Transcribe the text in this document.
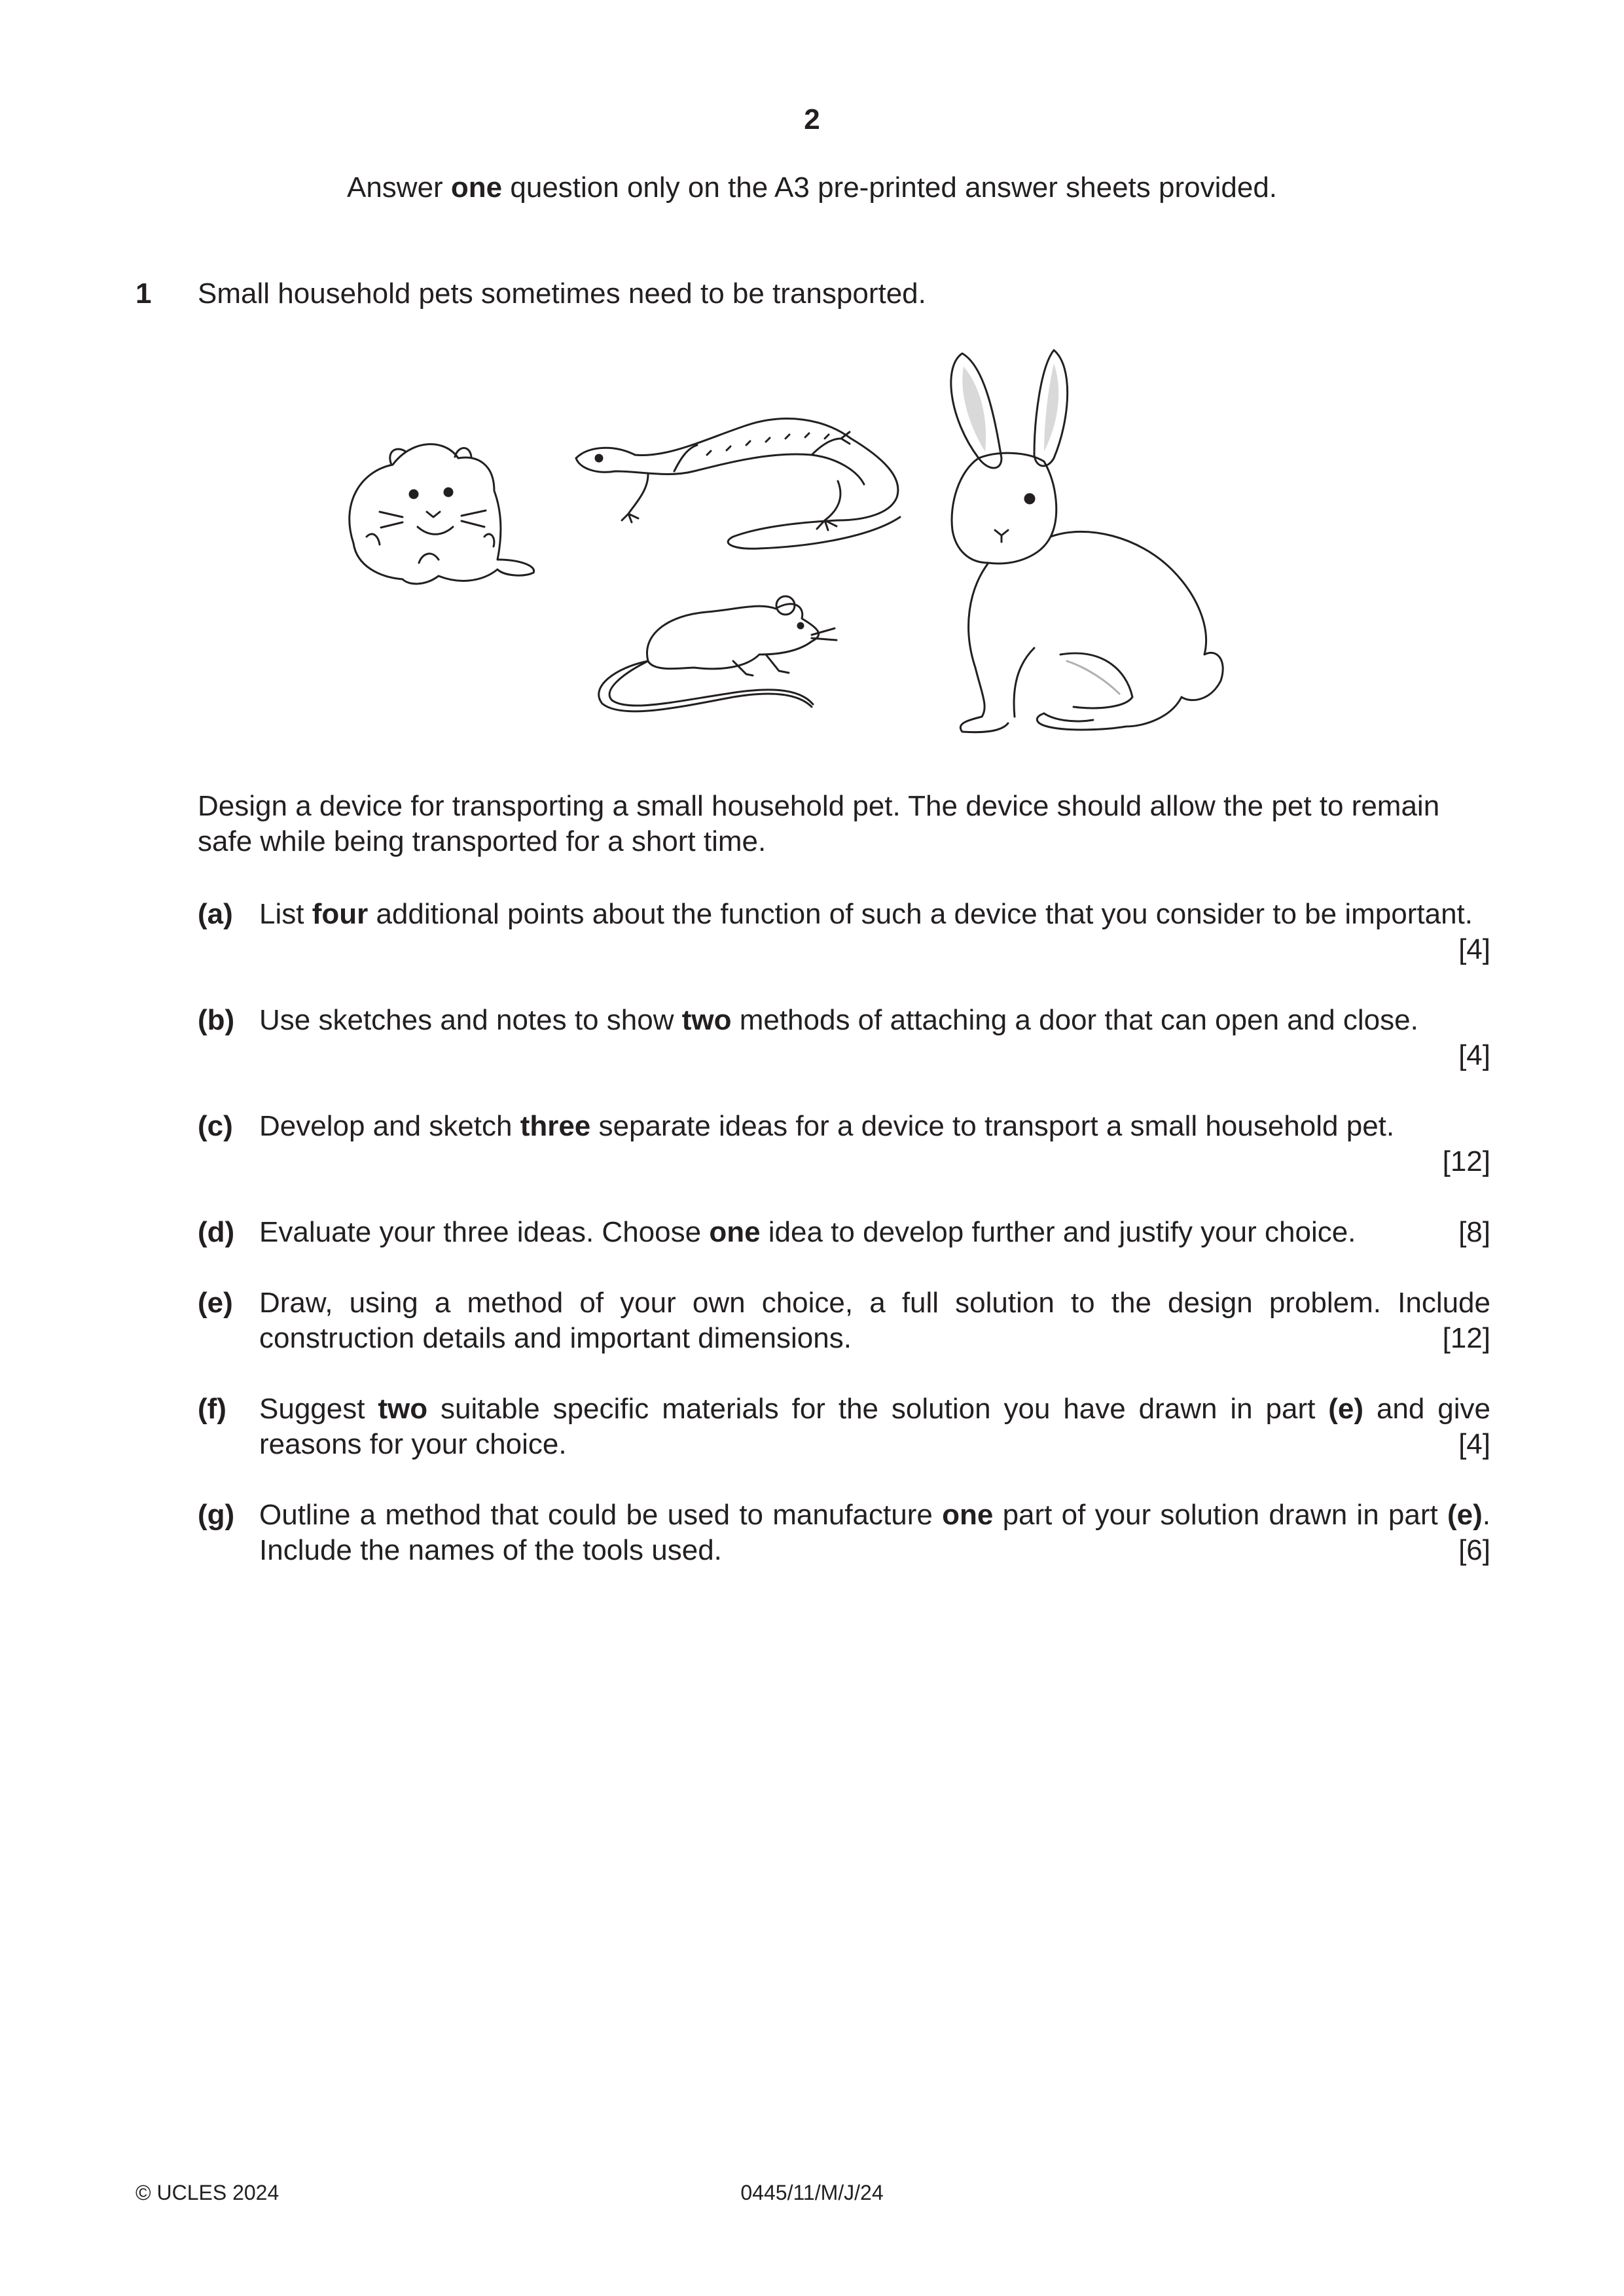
2
Answer one question only on the A3 pre-printed answer sheets provided.
1 Small household pets sometimes need to be transported.
Design a device for transporting a small household pet. The device should allow the pet to remain safe while being transported for a short time.
(a) List four additional points about the function of such a device that you consider to be important.
[4]
(b) Use sketches and notes to show two methods of attaching a door that can open and close.
[4]
(c) Develop and sketch three separate ideas for a device to transport a small household pet.
[12]
(d)	[8]
Evaluate your three ideas. Choose one idea to develop further and justify your choice.
(e) Draw, using a method of your own choice, a full solution to the design problem. Include construction details and important dimensions.	[12]
(f) Suggest two suitable specific materials for the solution you have drawn in part (e) and give reasons for your choice.	[4]
(g) Outline a method that could be used to manufacture one part of your solution drawn in part (e). Include the names of the tools used.	[6]
© UCLES 2024	0445/11/M/J/24
